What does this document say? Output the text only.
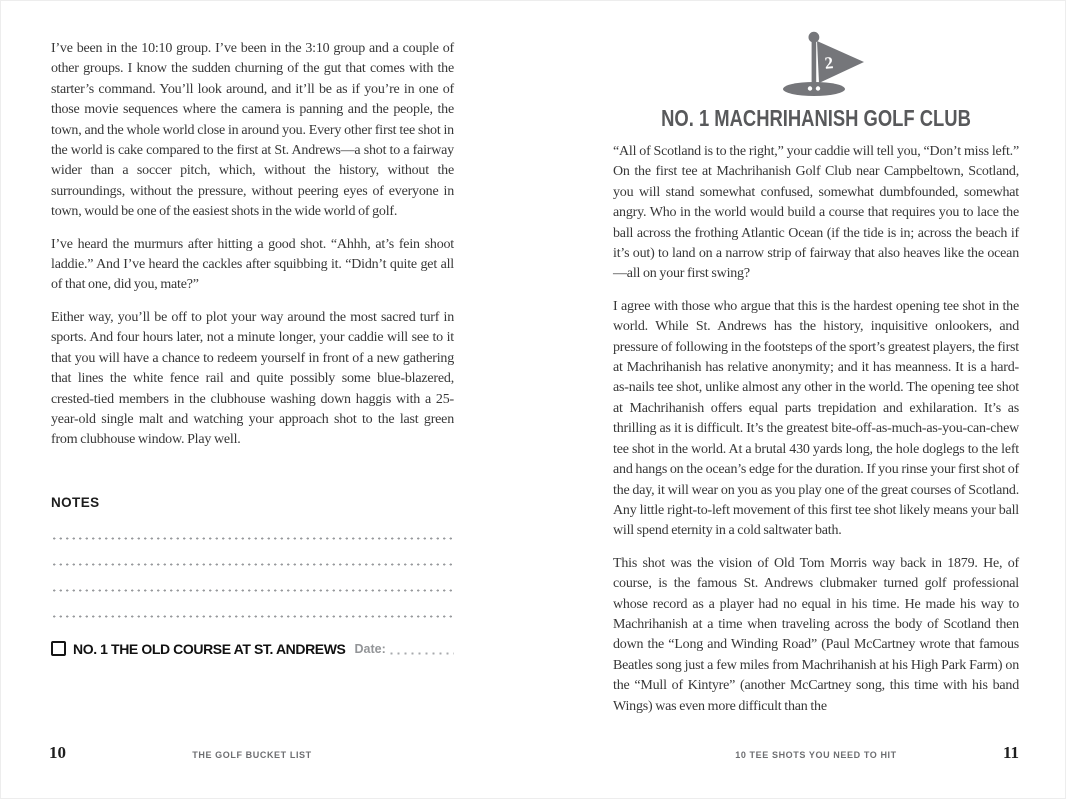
I’ve been in the 10:10 group. I’ve been in the 3:10 group and a couple of other groups. I know the sudden churning of the gut that comes with the starter’s command. You’ll look around, and it’ll be as if you’re in one of those movie sequences where the camera is panning and the people, the town, and the whole world close in around you. Every other first tee shot in the world is cake compared to the first at St. Andrews—a shot to a fairway wider than a soccer pitch, which, without the history, without the surroundings, without the pressure, without peering eyes of everyone in town, would be one of the easiest shots in the wide world of golf.

I’ve heard the murmurs after hitting a good shot. “Ahhh, at’s fein shoot laddie.” And I’ve heard the cackles after squibbing it. “Didn’t quite get all of that one, did you, mate?”

Either way, you’ll be off to plot your way around the most sacred turf in sports. And four hours later, not a minute longer, your caddie will see to it that you will have a chance to redeem yourself in front of a new gathering that lines the white fence rail and quite possibly some blue-blazered, crested-tied members in the clubhouse washing down haggis with a 25-year-old single malt and watching your approach shot to the last green from clubhouse window. Play well.

NOTES
NO. 1 THE OLD COURSE AT ST. ANDREWS Date:
2
NO. 1 MACHRIHANISH GOLF CLUB

“All of Scotland is to the right,” your caddie will tell you, “Don’t miss left.” On the first tee at Machrihanish Golf Club near Campbeltown, Scotland, you will stand somewhat confused, somewhat dumbfounded, somewhat angry. Who in the world would build a course that requires you to lace the ball across the frothing Atlantic Ocean (if the tide is in; across the beach if it’s out) to land on a narrow strip of fairway that also heaves like the ocean—all on your first swing?

I agree with those who argue that this is the hardest opening tee shot in the world. While St. Andrews has the history, inquisitive onlookers, and pressure of following in the footsteps of the sport’s greatest players, the first at Machrihanish has relative anonymity; and it has meanness. It is a hard-as-nails tee shot, unlike almost any other in the world. The opening tee shot at Machrihanish offers equal parts trepidation and exhilaration. It’s as thrilling as it is difficult. It’s the greatest bite-off-as-much-as-you-can-chew tee shot in the world. At a brutal 430 yards long, the hole doglegs to the left and hangs on the ocean’s edge for the duration. If you rinse your first shot of the day, it will wear on you as you play one of the great courses of Scotland. Any little right-to-left movement of this first tee shot likely means your ball will spend eternity in a cold saltwater bath.

This shot was the vision of Old Tom Morris way back in 1879. He, of course, is the famous St. Andrews clubmaker turned golf professional whose record as a player had no equal in his time. He made his way to Machrihanish at a time when traveling across the body of Scotland then down the “Long and Winding Road” (Paul McCartney wrote that famous Beatles song just a few miles from Machrihanish at his High Park Farm) on the “Mull of Kintyre” (another McCartney song, this time with his band Wings) was even more difficult than the

10	THE GOLF BUCKET LIST	10 TEE SHOTS YOU NEED TO HIT	11
